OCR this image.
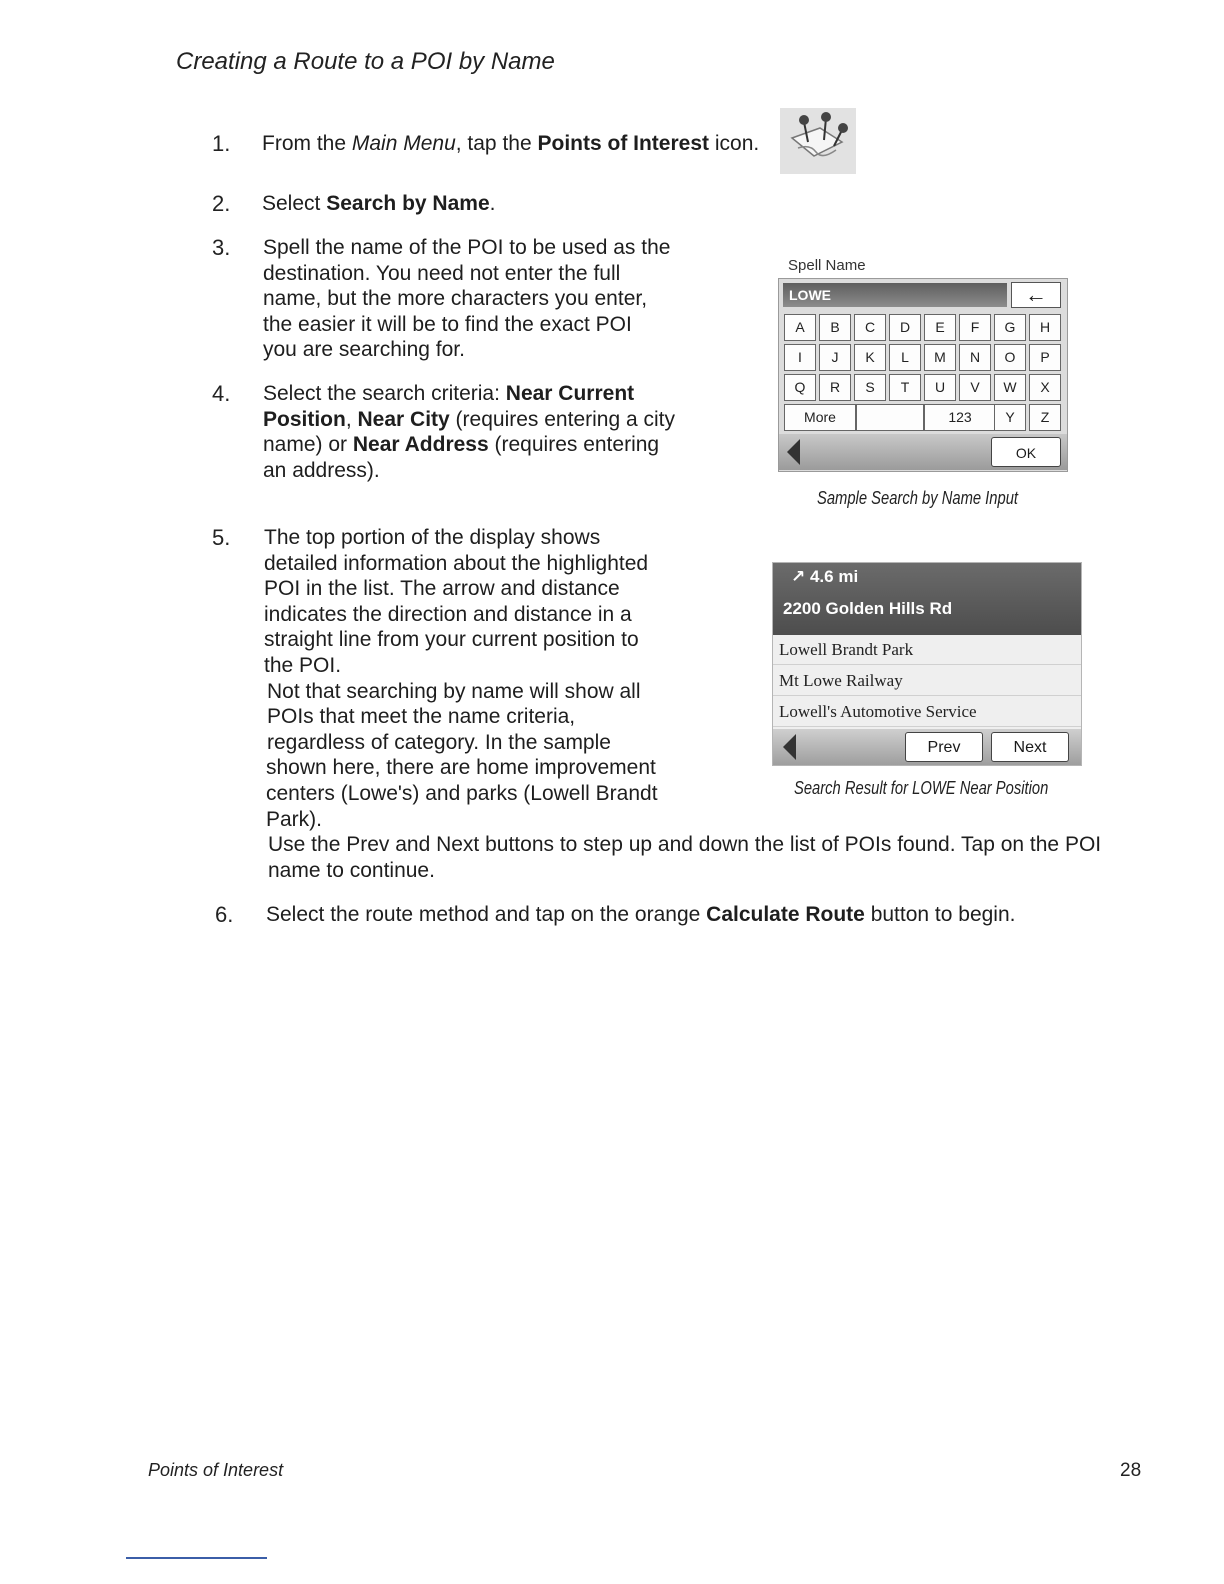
Creating a Route to a POI by Name
1. From the Main Menu, tap the Points of Interest icon.
2. Select Search by Name.
3. Spell the name of the POI to be used as the
destination. You need not enter the full
name, but the more characters you enter,
the easier it will be to find the exact POI
you are searching for.
4. Select the search criteria: Near Current
Position, Near City (requires entering a city
name) or Near Address (requires entering
an address).
Spell Name
LOWE	←
A	B	C	D	E	F	G	H
I	J	K	L	M	N	O	P
Q	R	S	T	U	V	W	X
More	123	Y	Z
OK
Sample Search by Name Input
5. The top portion of the display shows
detailed information about the highlighted
POI in the list. The arrow and distance
indicates the direction and distance in a
straight line from your current position to
the POI.
Not that searching by name will show all
POIs that meet the name criteria,
regardless of category. In the sample
shown here, there are home improvement
centers (Lowe's) and parks (Lowell Brandt
Park).
Use the Prev and Next buttons to step up and down the list of POIs found. Tap on the POI
name to continue.
↗ 4.6 mi
2200 Golden Hills Rd
Lowell Brandt Park
Mt Lowe Railway
Lowell's Automotive Service
Prev	Next
Search Result for LOWE Near Position
6. Select the route method and tap on the orange Calculate Route button to begin.
Points of Interest	28
